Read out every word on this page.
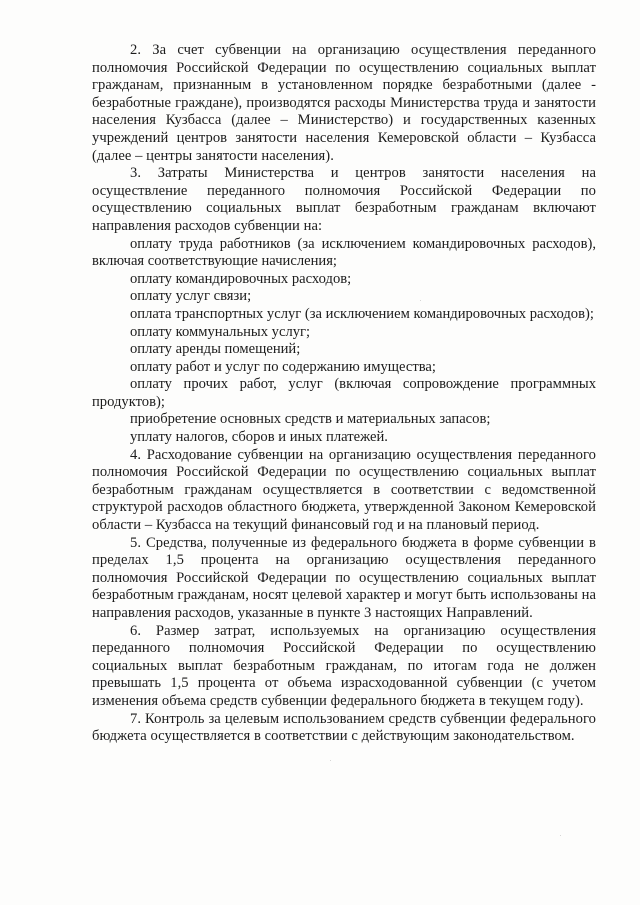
2. За счет субвенции на организацию осуществления переданного полномочия Российской Федерации по осуществлению социальных выплат гражданам, признанным в установленном порядке безработными (далее - безработные граждане), производятся расходы Министерства труда и занятости населения Кузбасса (далее – Министерство) и государственных казенных учреждений центров занятости населения Кемеровской области – Кузбасса (далее – центры занятости населения).

3. Затраты Министерства и центров занятости населения на осуществление переданного полномочия Российской Федерации по осуществлению социальных выплат безработным гражданам включают направления расходов субвенции на:

оплату труда работников (за исключением командировочных расходов), включая соответствующие начисления;

оплату командировочных расходов;

оплату услуг связи;

оплата транспортных услуг (за исключением командировочных расходов);

оплату коммунальных услуг;

оплату аренды помещений;

оплату работ и услуг по содержанию имущества;

оплату прочих работ, услуг (включая сопровождение программных продуктов);

приобретение основных средств и материальных запасов;

уплату налогов, сборов и иных платежей.

4. Расходование субвенции на организацию осуществления переданного полномочия Российской Федерации по осуществлению социальных выплат безработным гражданам осуществляется в соответствии с ведомственной структурой расходов областного бюджета, утвержденной Законом Кемеровской области – Кузбасса на текущий финансовый год и на плановый период.

5. Средства, полученные из федерального бюджета в форме субвенции в пределах 1,5 процента на организацию осуществления переданного полномочия Российской Федерации по осуществлению социальных выплат безработным гражданам, носят целевой характер и могут быть использованы на направления расходов, указанные в пункте 3 настоящих Направлений.

6. Размер затрат, используемых на организацию осуществления переданного полномочия Российской Федерации по осуществлению социальных выплат безработным гражданам, по итогам года не должен превышать 1,5 процента от объема израсходованной субвенции (с учетом изменения объема средств субвенции федерального бюджета в текущем году).

7. Контроль за целевым использованием средств субвенции федерального бюджета осуществляется в соответствии с действующим законодательством.
